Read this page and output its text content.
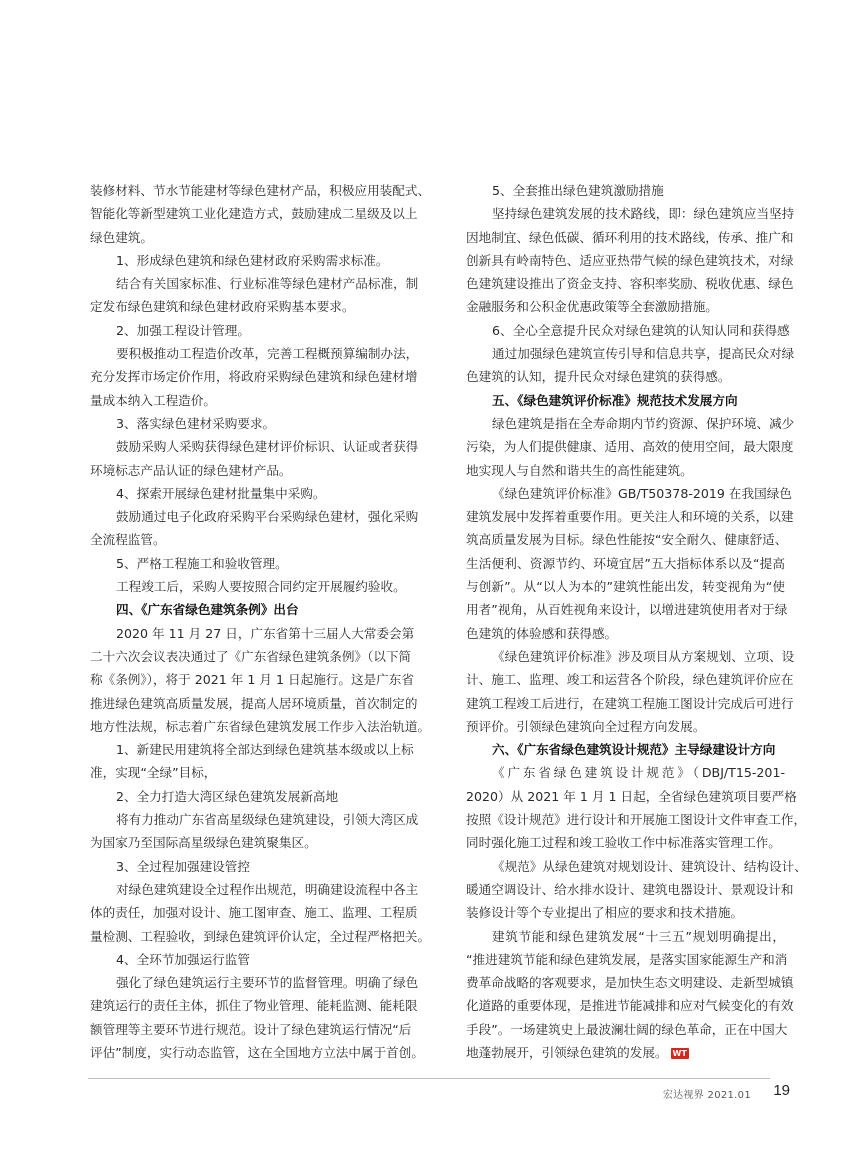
装修材料、节水节能建材等绿色建材产品，积极应用装配式、
智能化等新型建筑工业化建造方式，鼓励建成二星级及以上
绿色建筑。
1、形成绿色建筑和绿色建材政府采购需求标准。
结合有关国家标准、行业标准等绿色建材产品标准，制
定发布绿色建筑和绿色建材政府采购基本要求。
2、加强工程设计管理。
要积极推动工程造价改革，完善工程概预算编制办法，
充分发挥市场定价作用，将政府采购绿色建筑和绿色建材增
量成本纳入工程造价。
3、落实绿色建材采购要求。
鼓励采购人采购获得绿色建材评价标识、认证或者获得
环境标志产品认证的绿色建材产品。
4、探索开展绿色建材批量集中采购。
鼓励通过电子化政府采购平台采购绿色建材，强化采购
全流程监管。
5、严格工程施工和验收管理。
工程竣工后，采购人要按照合同约定开展履约验收。
四、《广东省绿色建筑条例》出台
2020 年 11 月 27 日，广东省第十三届人大常委会第
二十六次会议表决通过了《广东省绿色建筑条例》（以下简
称《条例》），将于 2021 年 1 月 1 日起施行。这是广东省
推进绿色建筑高质量发展，提高人居环境质量，首次制定的
地方性法规，标志着广东省绿色建筑发展工作步入法治轨道。
1、新建民用建筑将全部达到绿色建筑基本级或以上标
准，实现“全绿”目标，
2、全力打造大湾区绿色建筑发展新高地
将有力推动广东省高星级绿色建筑建设，引领大湾区成
为国家乃至国际高星级绿色建筑聚集区。
3、全过程加强建设管控
对绿色建筑建设全过程作出规范，明确建设流程中各主
体的责任，加强对设计、施工图审查、施工、监理、工程质
量检测、工程验收，到绿色建筑评价认定，全过程严格把关。
4、全环节加强运行监管
强化了绿色建筑运行主要环节的监督管理。明确了绿色
建筑运行的责任主体，抓住了物业管理、能耗监测、能耗限
额管理等主要环节进行规范。设计了绿色建筑运行情况“后
评估”制度，实行动态监管，这在全国地方立法中属于首创。
5、全套推出绿色建筑激励措施
坚持绿色建筑发展的技术路线，即：绿色建筑应当坚持
因地制宜、绿色低碳、循环利用的技术路线，传承、推广和
创新具有岭南特色、适应亚热带气候的绿色建筑技术，对绿
色建筑建设推出了资金支持、容积率奖励、税收优惠、绿色
金融服务和公积金优惠政策等全套激励措施。
6、全心全意提升民众对绿色建筑的认知认同和获得感
通过加强绿色建筑宣传引导和信息共享，提高民众对绿
色建筑的认知，提升民众对绿色建筑的获得感。
五、《绿色建筑评价标准》规范技术发展方向
绿色建筑是指在全寿命期内节约资源、保护环境、减少
污染，为人们提供健康、适用、高效的使用空间，最大限度
地实现人与自然和谐共生的高性能建筑。
《绿色建筑评价标准》GB/T50378-2019 在我国绿色
建筑发展中发挥着重要作用。更关注人和环境的关系，以建
筑高质量发展为目标。绿色性能按“安全耐久、健康舒适、
生活便利、资源节约、环境宜居”五大指标体系以及“提高
与创新”。从“以人为本的”建筑性能出发，转变视角为“使
用者”视角，从百姓视角来设计，以增进建筑使用者对于绿
色建筑的体验感和获得感。
《绿色建筑评价标准》涉及项目从方案规划、立项、设
计、施工、监理、竣工和运营各个阶段，绿色建筑评价应在
建筑工程竣工后进行，在建筑工程施工图设计完成后可进行
预评价。引领绿色建筑向全过程方向发展。
六、《广东省绿色建筑设计规范》主导绿建设计方向
《广东省绿色建筑设计规范》（DBJ/T15-201-
2020）从 2021 年 1 月 1 日起，全省绿色建筑项目要严格
按照《设计规范》进行设计和开展施工图设计文件审查工作，
同时强化施工过程和竣工验收工作中标准落实管理工作。
《规范》从绿色建筑对规划设计、建筑设计、结构设计、
暖通空调设计、给水排水设计、建筑电器设计、景观设计和
装修设计等个专业提出了相应的要求和技术措施。
建筑节能和绿色建筑发展“十三五”规划明确提出，
“推进建筑节能和绿色建筑发展，是落实国家能源生产和消
费革命战略的客观要求，是加快生态文明建设、走新型城镇
化道路的重要体现，是推进节能减排和应对气候变化的有效
手段”。一场建筑史上最波澜壮阔的绿色革命，正在中国大
地蓬勃展开，引领绿色建筑的发展。 WT
宏达视界 2021.01 19
